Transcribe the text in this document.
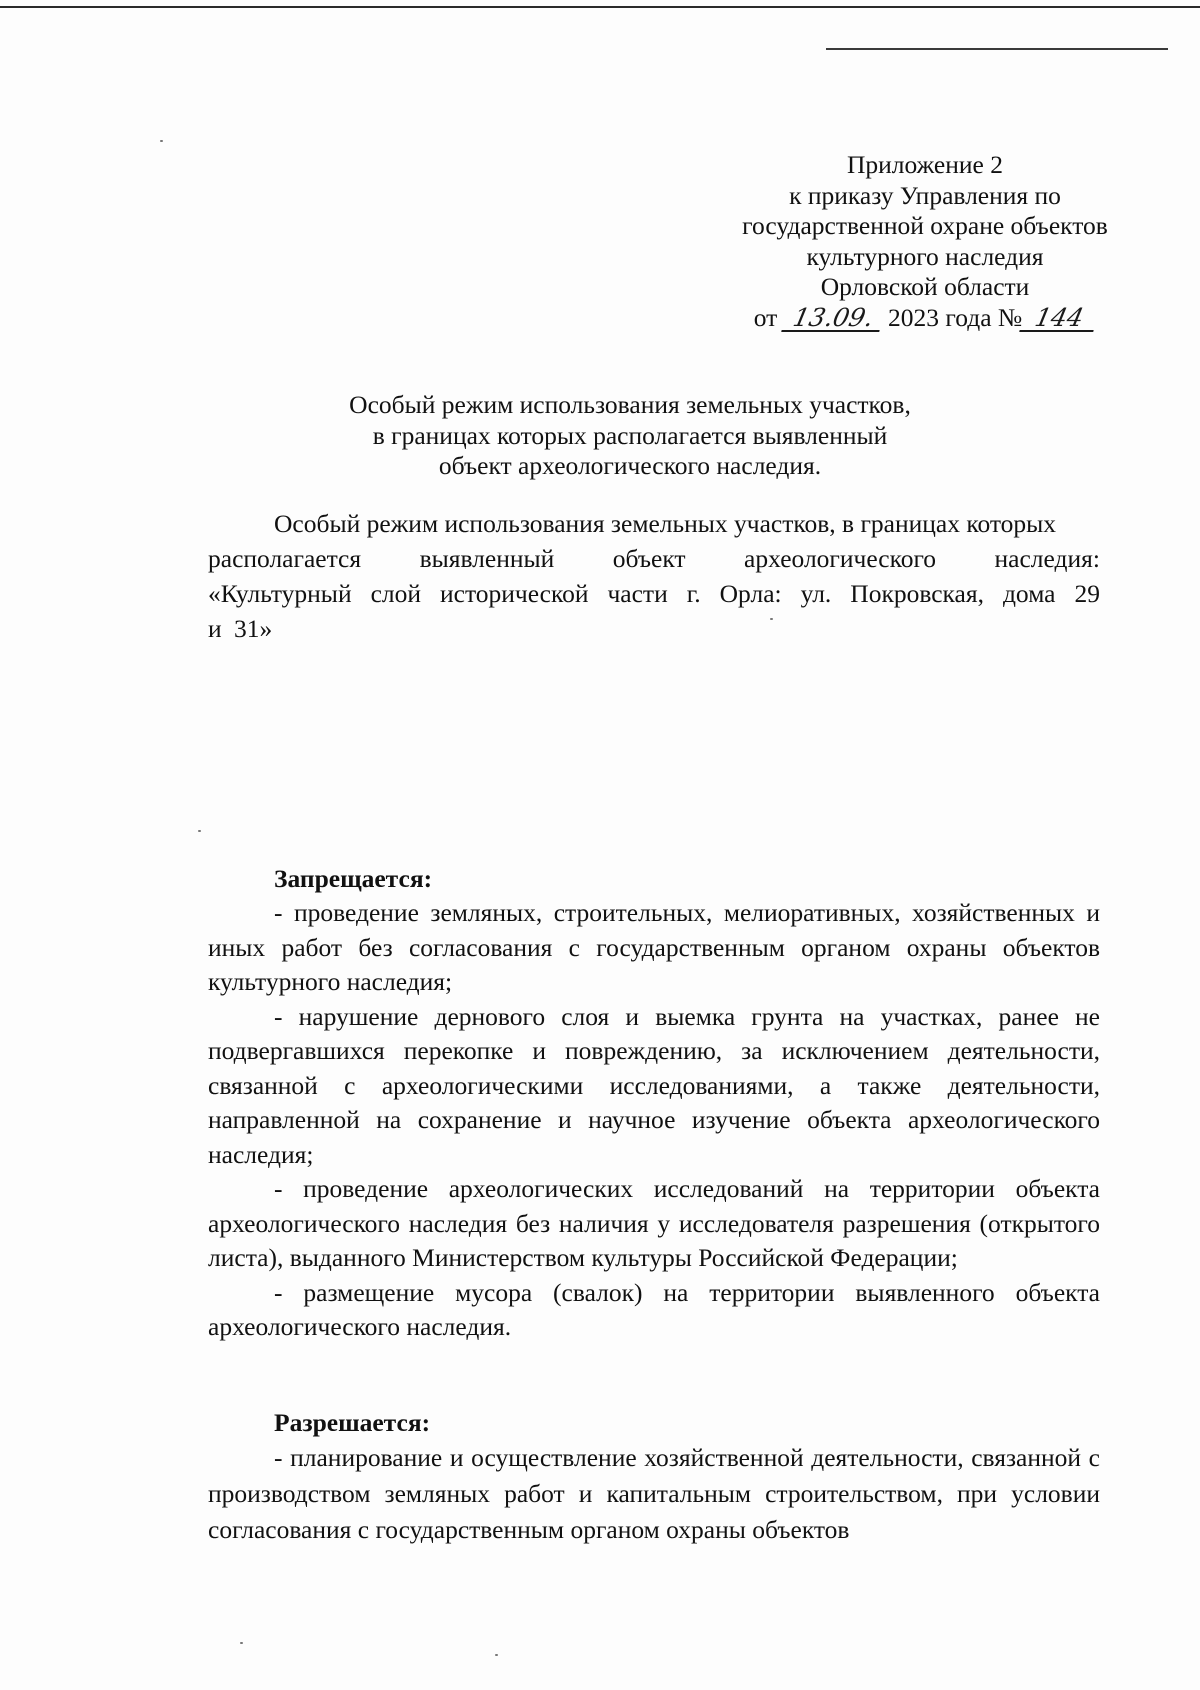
Приложение 2
к приказу Управления по
государственной охране объектов
культурного наследия
Орловской области
от 13.09. 2023 года № 144
Особый режим использования земельных участков,
в границах которых располагается выявленный
объект археологического наследия.
Особый режим использования земельных участков, в границах которых
располагается выявленный объект археологического наследия:
«Культурный слой исторической части г. Орла: ул. Покровская, дома 29
и 31»

Запрещается:

- проведение земляных, строительных, мелиоративных, хозяйственных и иных работ без согласования с государственным органом охраны объектов культурного наследия;

- нарушение дернового слоя и выемка грунта на участках, ранее не подвергавшихся перекопке и повреждению, за исключением деятельности, связанной с археологическими исследованиями, а также деятельности, направленной на сохранение и научное изучение объекта археологического наследия;

- проведение археологических исследований на территории объекта археологического наследия без наличия у исследователя разрешения (открытого листа), выданного Министерством культуры Российской Федерации;

- размещение мусора (свалок) на территории выявленного объекта археологического наследия.

Разрешается:

- планирование и осуществление хозяйственной деятельности, связанной с производством земляных работ и капитальным строительством, при условии согласования с государственным органом охраны объектов
